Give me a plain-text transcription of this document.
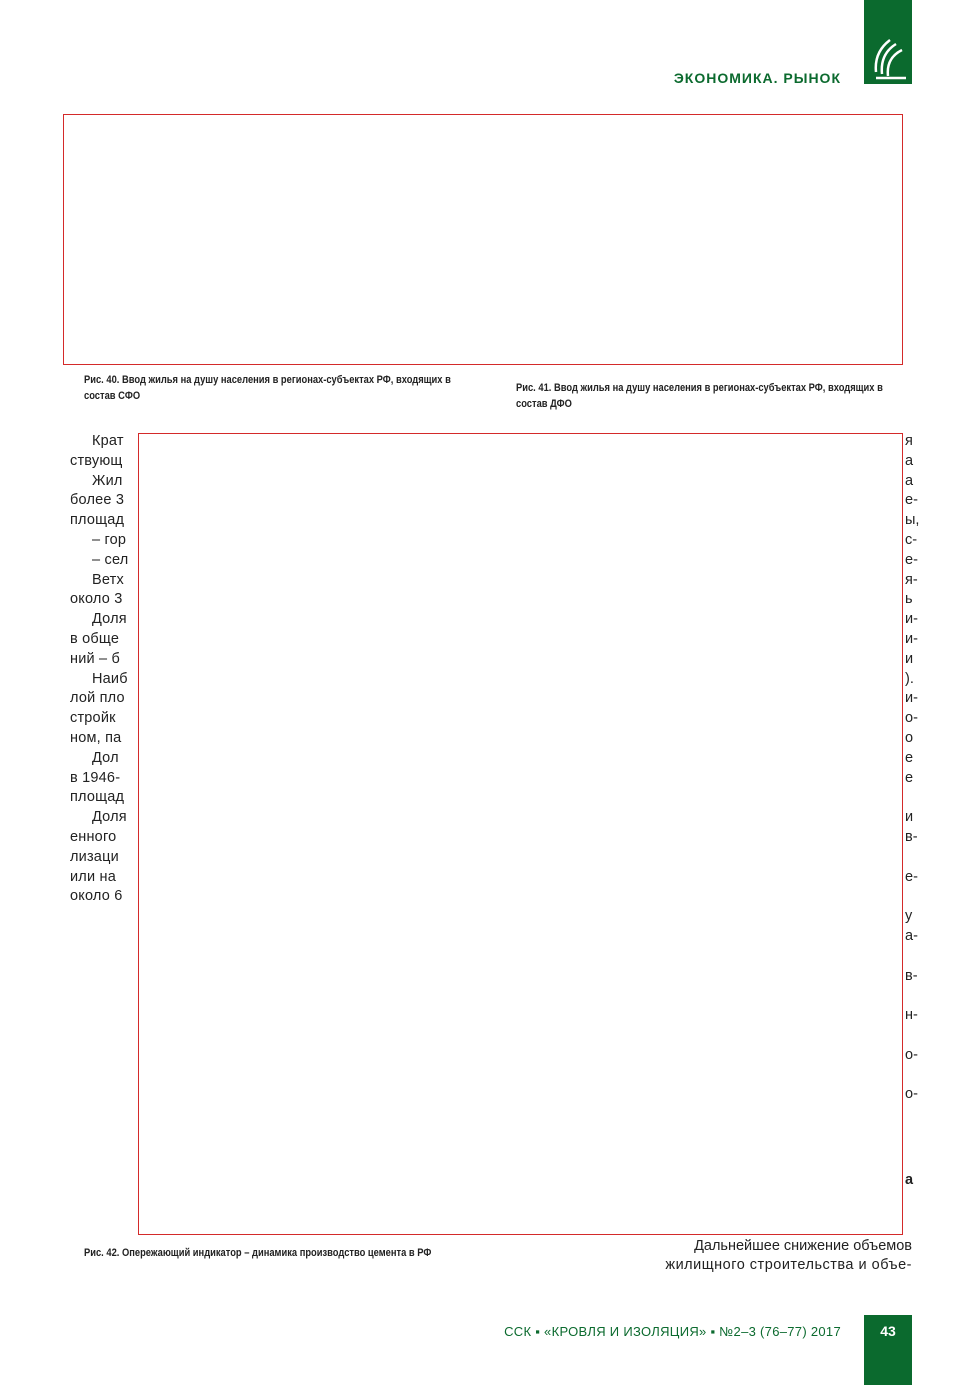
ЭКОНОМИКА. РЫНОК
Рис. 40. Ввод жилья на душу населения в регионах-субъектах РФ, входящих в состав СФО
Рис. 41. Ввод жилья на душу населения в регионах-субъектах РФ, входящих в состав ДФО
Крат
ствующ
Жил
более 3
площад
– гор
– сел
Ветх
около 3
Доля
в обще
ний – б
Наиб
лой пло
стройк
ном, па
Дол
в 1946-
площад
Доля
енного
лизаци
или на
около 6
я
а
а
е-
ы,
с-
е-
я-
ь
и-
и-
и
).
и-
о-
о
е
е
и
в-
е-
у
а-
в-
н-
о-
о-
а
Дальнейшее снижение объемов
жилищного строительства и объе-
Рис. 42. Опережающий индикатор – динамика производство цемента в РФ
ССК ▪ «КРОВЛЯ И ИЗОЛЯЦИЯ» ▪ №2–3 (76–77) 2017	43
